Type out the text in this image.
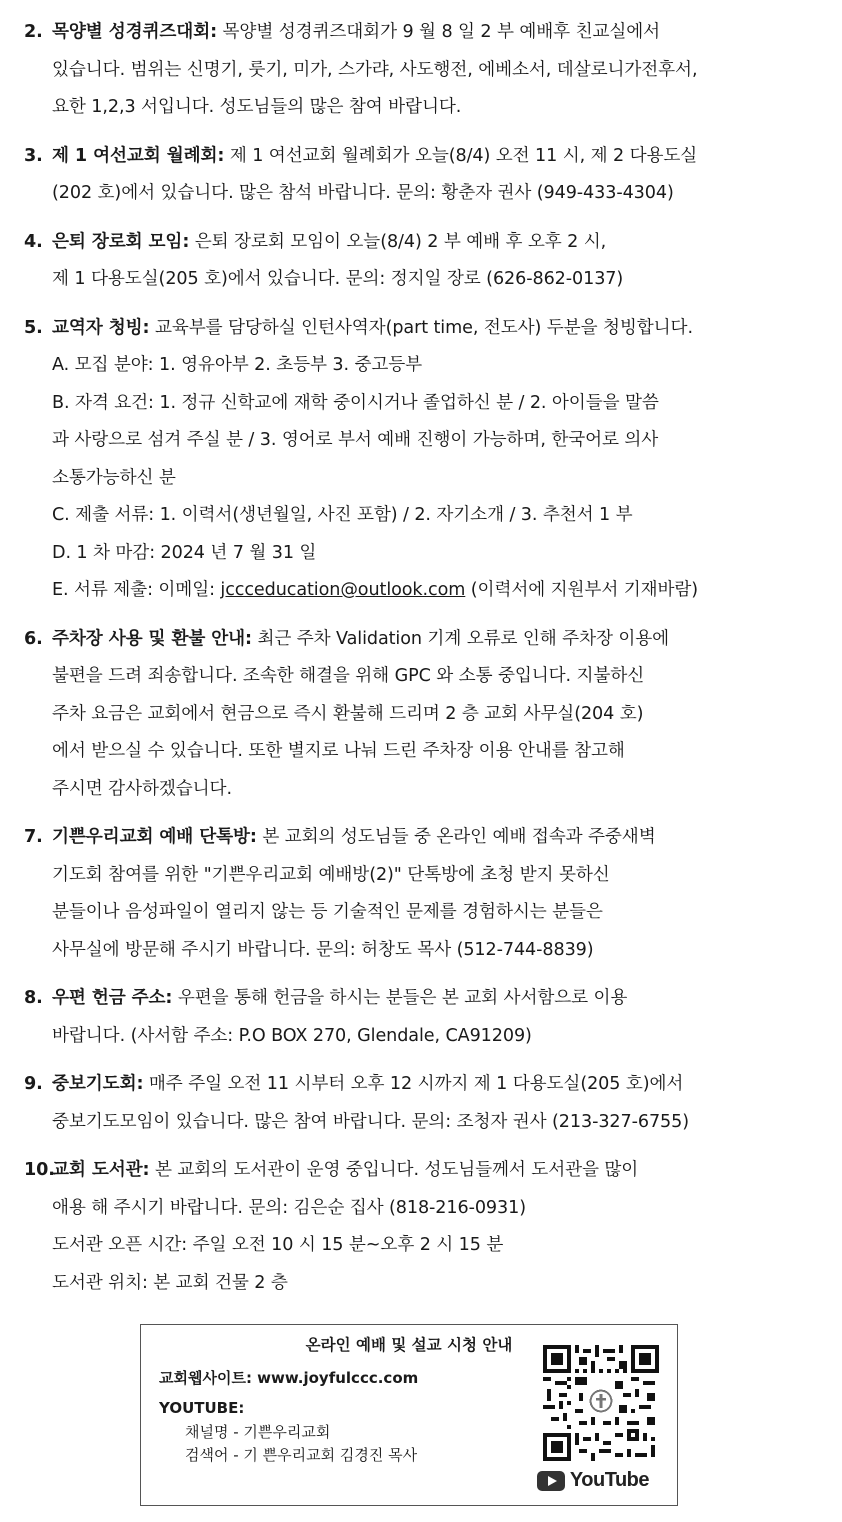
2. 목양별 성경퀴즈대회: 목양별 성경퀴즈대회가 9 월 8 일 2 부 예배후 친교실에서
있습니다. 범위는 신명기, 룻기, 미가, 스가랴, 사도행전, 에베소서, 데살로니가전후서,
요한 1,2,3 서입니다. 성도님들의 많은 참여 바랍니다.
3. 제 1 여선교회 월례회: 제 1 여선교회 월례회가 오늘(8/4) 오전 11 시, 제 2 다용도실
(202 호)에서 있습니다. 많은 참석 바랍니다. 문의: 황춘자 권사 (949-433-4304)
4. 은퇴 장로회 모임: 은퇴 장로회 모임이 오늘(8/4) 2 부 예배 후 오후 2 시,
제 1 다용도실(205 호)에서 있습니다. 문의: 정지일 장로 (626-862-0137)
5. 교역자 청빙: 교육부를 담당하실 인턴사역자(part time, 전도사) 두분을 청빙합니다.
A. 모집 분야: 1. 영유아부 2. 초등부 3. 중고등부
B. 자격 요건: 1. 정규 신학교에 재학 중이시거나 졸업하신 분 / 2. 아이들을 말씀
과 사랑으로 섬겨 주실 분 / 3. 영어로 부서 예배 진행이 가능하며, 한국어로 의사
소통가능하신 분
C. 제출 서류: 1. 이력서(생년월일, 사진 포함) / 2. 자기소개 / 3. 추천서 1 부
D. 1 차 마감: 2024 년 7 월 31 일
E. 서류 제출: 이메일: jccceducation@outlook.com (이력서에 지원부서 기재바람)
6. 주차장 사용 및 환불 안내: 최근 주차 Validation 기계 오류로 인해 주차장 이용에
불편을 드려 죄송합니다. 조속한 해결을 위해 GPC 와 소통 중입니다. 지불하신
주차 요금은 교회에서 현금으로 즉시 환불해 드리며 2 층 교회 사무실(204 호)
에서 받으실 수 있습니다. 또한 별지로 나눠 드린 주차장 이용 안내를 참고해
주시면 감사하겠습니다.
7. 기쁜우리교회 예배 단톡방: 본 교회의 성도님들 중 온라인 예배 접속과 주중새벽
기도회 참여를 위한 "기쁜우리교회 예배방(2)" 단톡방에 초청 받지 못하신
분들이나 음성파일이 열리지 않는 등 기술적인 문제를 경험하시는 분들은
사무실에 방문해 주시기 바랍니다. 문의: 허창도 목사 (512-744-8839)
8. 우편 헌금 주소: 우편을 통해 헌금을 하시는 분들은 본 교회 사서함으로 이용
바랍니다. (사서함 주소: P.O BOX 270, Glendale, CA91209)
9. 중보기도회: 매주 주일 오전 11 시부터 오후 12 시까지 제 1 다용도실(205 호)에서
중보기도모임이 있습니다. 많은 참여 바랍니다. 문의: 조청자 권사 (213-327-6755)
10.
교회 도서관: 본 교회의 도서관이 운영 중입니다. 성도님들께서 도서관을 많이
애용 해 주시기 바랍니다. 문의: 김은순 집사 (818-216-0931)
도서관 오픈 시간: 주일 오전 10 시 15 분~오후 2 시 15 분
도서관 위치: 본 교회 건물 2 층
온라인 예배 및 설교 시청 안내
교회웹사이트: www.joyfulccc.com
YOUTUBE:
채널명 - 기쁜우리교회
검색어 - 기 쁜우리교회 김경진 목사
YouTube
